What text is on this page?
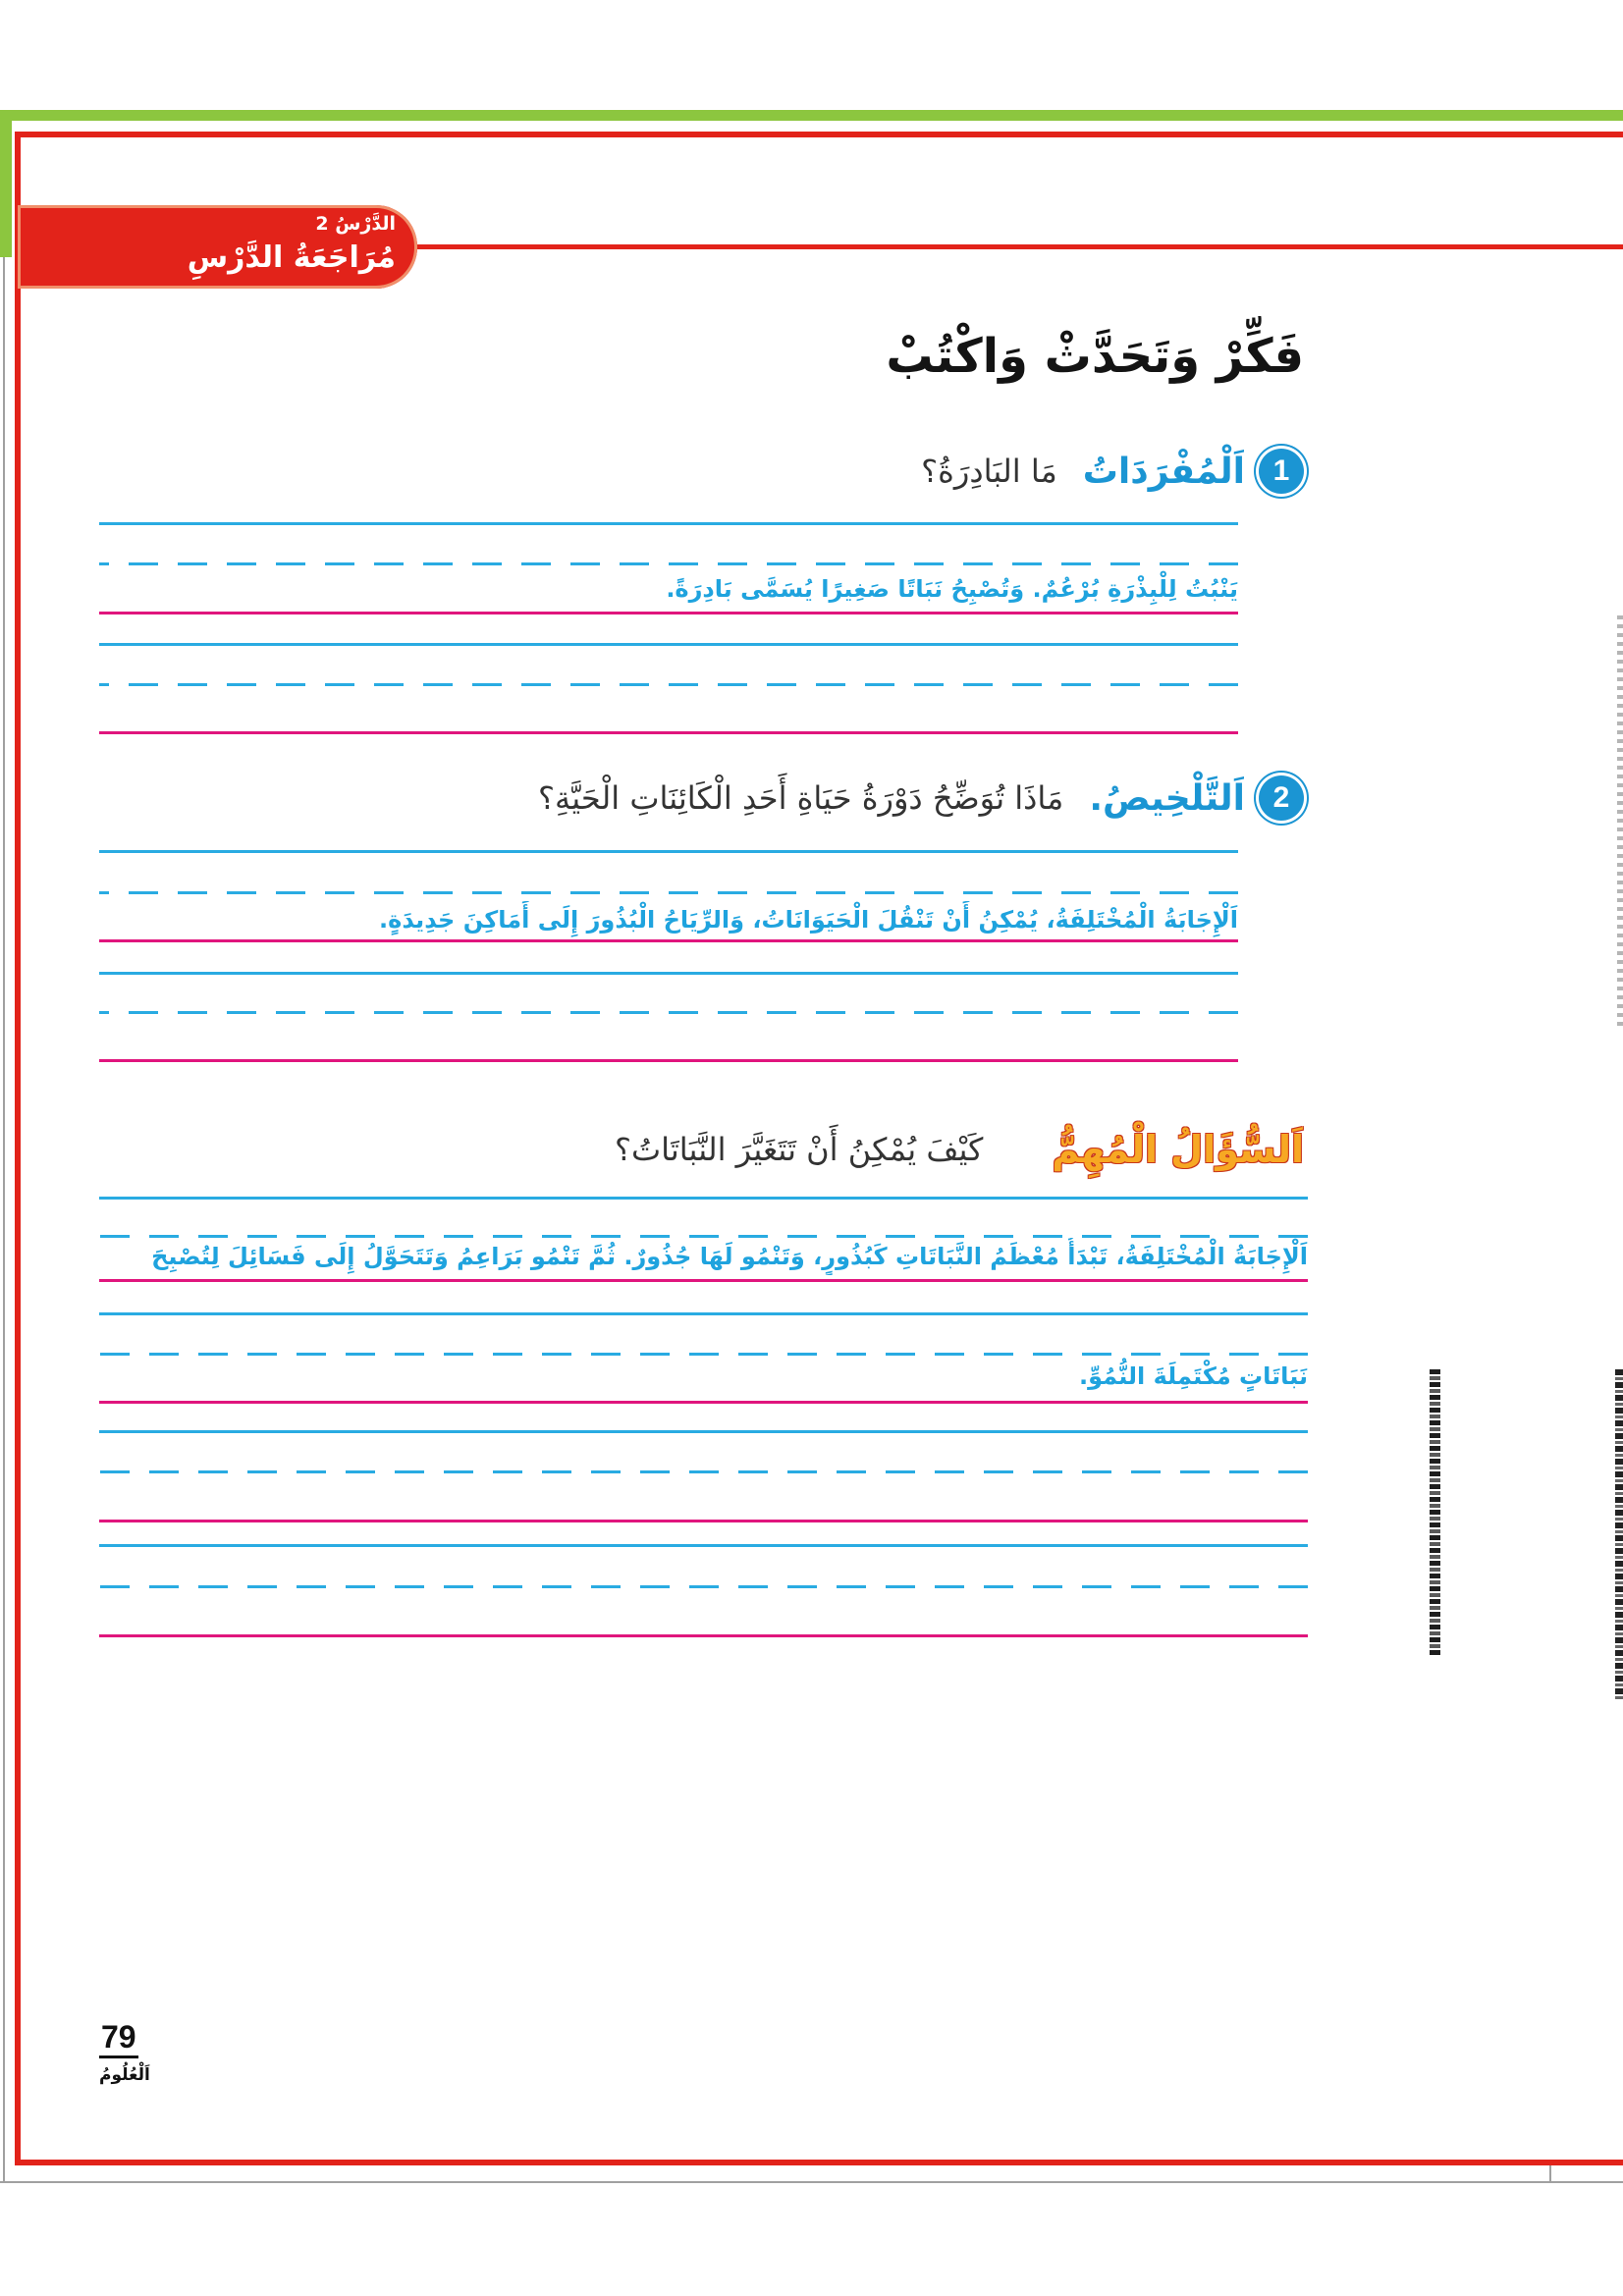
الدَّرْسُ 2
مُرَاجَعَةُ الدَّرْسِ
فَكِّرْ وَتَحَدَّثْ وَاكْتُبْ
1
اَلْمُفْرَدَاتُ
مَا البَادِرَةُ؟
يَنْبُتُ لِلْبِذْرَةِ بُرْعُمٌ. وَتُصْبِحُ نَبَاتًا صَغِيرًا يُسَمَّى بَادِرَةً.
2
اَلتَّلْخِيصُ.
مَاذَا تُوَضِّحُ دَوْرَةُ حَيَاةِ أَحَدِ الْكَائِنَاتِ الْحَيَّةِ؟
اَلْإِجَابَةُ الْمُخْتَلِفَةُ، يُمْكِنُ أَنْ تَنْقُلَ الْحَيَوَانَاتُ، وَالرِّيَاحُ الْبُذُورَ إِلَى أَمَاكِنَ جَدِيدَةٍ.
اَلسُّؤَالُ الْمُهِمُّ
كَيْفَ يُمْكِنُ أَنْ تَتَغَيَّرَ النَّبَاتَاتُ؟
اَلْإِجَابَةُ الْمُخْتَلِفَةُ، تَبْدَأُ مُعْظَمُ النَّبَاتَاتِ كَبُذُورٍ، وَتَنْمُو لَهَا جُذُورٌ. ثُمَّ تَنْمُو بَرَاعِمُ وَتَتَحَوَّلُ إِلَى فَسَائِلَ لِتُصْبِحَ
نَبَاتَاتٍ مُكْتَمِلَةَ النُّمُوِّ.
79
اَلْعُلُومُ
